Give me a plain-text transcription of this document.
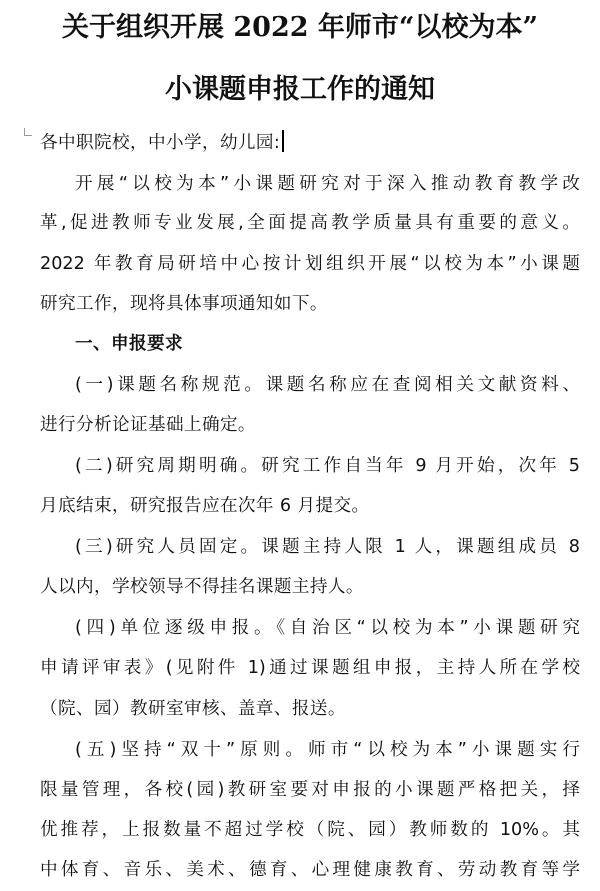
关于组织开展 2022 年师市“以校为本”
小课题申报工作的通知
各中职院校，中小学，幼儿园:
开展“以校为本”小课题研究对于深入推动教育教学改
革,促进教师专业发展,全面提高教学质量具有重要的意义。
2022 年教育局研培中心按计划组织开展“以校为本”小课题
研究工作，现将具体事项通知如下。
一、申报要求
(一)课题名称规范。课题名称应在查阅相关文献资料、
进行分析论证基础上确定。
(二)研究周期明确。研究工作自当年 9 月开始，次年 5
月底结束，研究报告应在次年 6 月提交。
(三)研究人员固定。课题主持人限 1 人，课题组成员 8
人以内，学校领导不得挂名课题主持人。
(四)单位逐级申报。《自治区“以校为本”小课题研究
申请评审表》(见附件 1)通过课题组申报，主持人所在学校
（院、园）教研室审核、盖章、报送。
(五)坚持“双十”原则。师市“以校为本”小课题实行
限量管理，各校(园)教研室要对申报的小课题严格把关，择
优推荐，上报数量不超过学校（院、园）教师数的 10%。其
中体育、音乐、美术、德育、心理健康教育、劳动教育等学
